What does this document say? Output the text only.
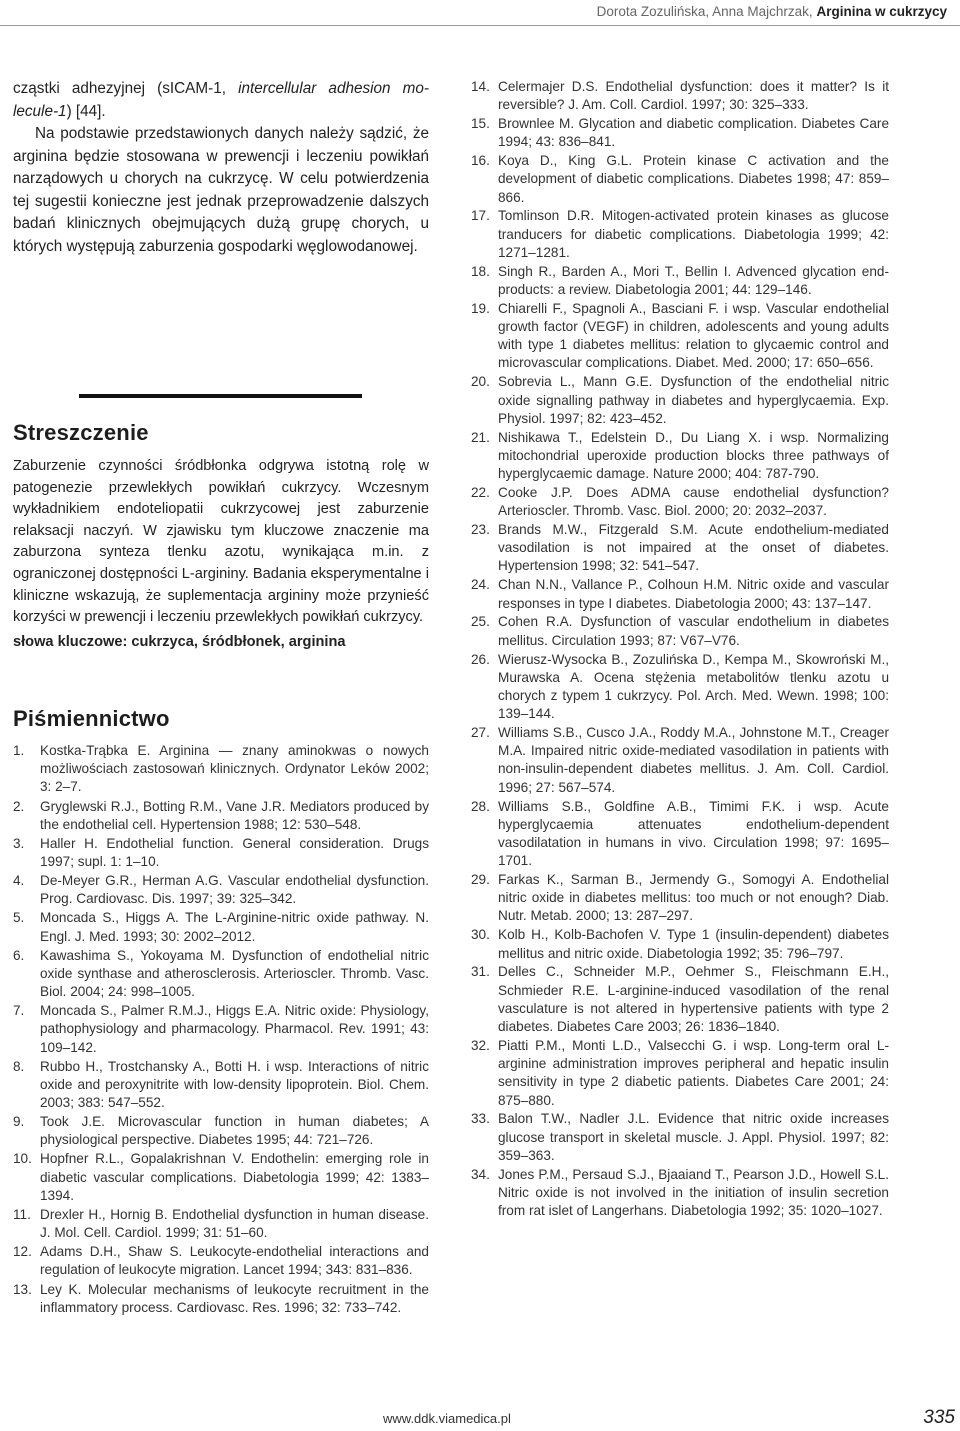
Dorota Zozulińska, Anna Majchrzak, Arginina w cukrzycy

cząstki adhezyjnej (sICAM-1, intercellular adhesion mo-lecule-1) [44].

Na podstawie przedstawionych danych należy sądzić, że arginina będzie stosowana w prewencji i leczeniu powikłań narządowych u chorych na cukrzycę. W celu potwierdzenia tej sugestii konieczne jest jednak przeprowadzenie dalszych badań klinicznych obejmujących dużą grupę chorych, u których występują zaburzenia gospodarki węglowodanowej.

Streszczenie

Zaburzenie czynności śródbłonka odgrywa istotną rolę w patogenezie przewlekłych powikłań cukrzycy. Wczesnym wykładnikiem endoteliopatii cukrzycowej jest zaburzenie relaksacji naczyń. W zjawisku tym kluczowe znaczenie ma zaburzona synteza tlenku azotu, wynikająca m.in. z ograniczonej dostępności L-argininy. Badania eksperymentalne i kliniczne wskazują, że suplementacja argininy może przynieść korzyści w prewencji i leczeniu przewlekłych powikłań cukrzycy.

słowa kluczowe: cukrzyca, śródbłonek, arginina

Piśmiennictwo
1. Kostka-Trąbka E. Arginina — znany aminokwas o nowych możliwościach zastosowań klinicznych. Ordynator Leków 2002; 3: 2–7.
2. Gryglewski R.J., Botting R.M., Vane J.R. Mediators produced by the endothelial cell. Hypertension 1988; 12: 530–548.
3. Haller H. Endothelial function. General consideration. Drugs 1997; supl. 1: 1–10.
4. De-Meyer G.R., Herman A.G. Vascular endothelial dysfunction. Prog. Cardiovasc. Dis. 1997; 39: 325–342.
5. Moncada S., Higgs A. The L-Arginine-nitric oxide pathway. N. Engl. J. Med. 1993; 30: 2002–2012.
6. Kawashima S., Yokoyama M. Dysfunction of endothelial nitric oxide synthase and atherosclerosis. Arterioscler. Thromb. Vasc. Biol. 2004; 24: 998–1005.
7. Moncada S., Palmer R.M.J., Higgs E.A. Nitric oxide: Physiology, pathophysiology and pharmacology. Pharmacol. Rev. 1991; 43: 109–142.
8. Rubbo H., Trostchansky A., Botti H. i wsp. Interactions of nitric oxide and peroxynitrite with low-density lipoprotein. Biol. Chem. 2003; 383: 547–552.
9. Took J.E. Microvascular function in human diabetes; A physiological perspective. Diabetes 1995; 44: 721–726.
10. Hopfner R.L., Gopalakrishnan V. Endothelin: emerging role in diabetic vascular complications. Diabetologia 1999; 42: 1383–1394.
11. Drexler H., Hornig B. Endothelial dysfunction in human disease. J. Mol. Cell. Cardiol. 1999; 31: 51–60.
12. Adams D.H., Shaw S. Leukocyte-endothelial interactions and regulation of leukocyte migration. Lancet 1994; 343: 831–836.
13. Ley K. Molecular mechanisms of leukocyte recruitment in the inflammatory process. Cardiovasc. Res. 1996; 32: 733–742.
14. Celermajer D.S. Endothelial dysfunction: does it matter? Is it reversible? J. Am. Coll. Cardiol. 1997; 30: 325–333.
15. Brownlee M. Glycation and diabetic complication. Diabetes Care 1994; 43: 836–841.
16. Koya D., King G.L. Protein kinase C activation and the development of diabetic complications. Diabetes 1998; 47: 859–866.
17. Tomlinson D.R. Mitogen-activated protein kinases as glucose tranducers for diabetic complications. Diabetologia 1999; 42: 1271–1281.
18. Singh R., Barden A., Mori T., Bellin I. Advenced glycation end-products: a review. Diabetologia 2001; 44: 129–146.
19. Chiarelli F., Spagnoli A., Basciani F. i wsp. Vascular endothelial growth factor (VEGF) in children, adolescents and young adults with type 1 diabetes mellitus: relation to glycaemic control and microvascular complications. Diabet. Med. 2000; 17: 650–656.
20. Sobrevia L., Mann G.E. Dysfunction of the endothelial nitric oxide signalling pathway in diabetes and hyperglycaemia. Exp. Physiol. 1997; 82: 423–452.
21. Nishikawa T., Edelstein D., Du Liang X. i wsp. Normalizing mitochondrial uperoxide production blocks three pathways of hyperglycaemic damage. Nature 2000; 404: 787-790.
22. Cooke J.P. Does ADMA cause endothelial dysfunction? Arterioscler. Thromb. Vasc. Biol. 2000; 20: 2032–2037.
23. Brands M.W., Fitzgerald S.M. Acute endothelium-mediated vasodilation is not impaired at the onset of diabetes. Hypertension 1998; 32: 541–547.
24. Chan N.N., Vallance P., Colhoun H.M. Nitric oxide and vascular responses in type I diabetes. Diabetologia 2000; 43: 137–147.
25. Cohen R.A. Dysfunction of vascular endothelium in diabetes mellitus. Circulation 1993; 87: V67–V76.
26. Wierusz-Wysocka B., Zozulińska D., Kempa M., Skowroński M., Murawska A. Ocena stężenia metabolitów tlenku azotu u chorych z typem 1 cukrzycy. Pol. Arch. Med. Wewn. 1998; 100: 139–144.
27. Williams S.B., Cusco J.A., Roddy M.A., Johnstone M.T., Creager M.A. Impaired nitric oxide-mediated vasodilation in patients with non-insulin-dependent diabetes mellitus. J. Am. Coll. Cardiol. 1996; 27: 567–574.
28. Williams S.B., Goldfine A.B., Timimi F.K. i wsp. Acute hyperglycaemia attenuates endothelium-dependent vasodilatation in humans in vivo. Circulation 1998; 97: 1695–1701.
29. Farkas K., Sarman B., Jermendy G., Somogyi A. Endothelial nitric oxide in diabetes mellitus: too much or not enough? Diab. Nutr. Metab. 2000; 13: 287–297.
30. Kolb H., Kolb-Bachofen V. Type 1 (insulin-dependent) diabetes mellitus and nitric oxide. Diabetologia 1992; 35: 796–797.
31. Delles C., Schneider M.P., Oehmer S., Fleischmann E.H., Schmieder R.E. L-arginine-induced vasodilation of the renal vasculature is not altered in hypertensive patients with type 2 diabetes. Diabetes Care 2003; 26: 1836–1840.
32. Piatti P.M., Monti L.D., Valsecchi G. i wsp. Long-term oral L-arginine administration improves peripheral and hepatic insulin sensitivity in type 2 diabetic patients. Diabetes Care 2001; 24: 875–880.
33. Balon T.W., Nadler J.L. Evidence that nitric oxide increases glucose transport in skeletal muscle. J. Appl. Physiol. 1997; 82: 359–363.
34. Jones P.M., Persaud S.J., Bjaaiand T., Pearson J.D., Howell S.L. Nitric oxide is not involved in the initiation of insulin secretion from rat islet of Langerhans. Diabetologia 1992; 35: 1020–1027.
www.ddk.viamedica.pl	335
